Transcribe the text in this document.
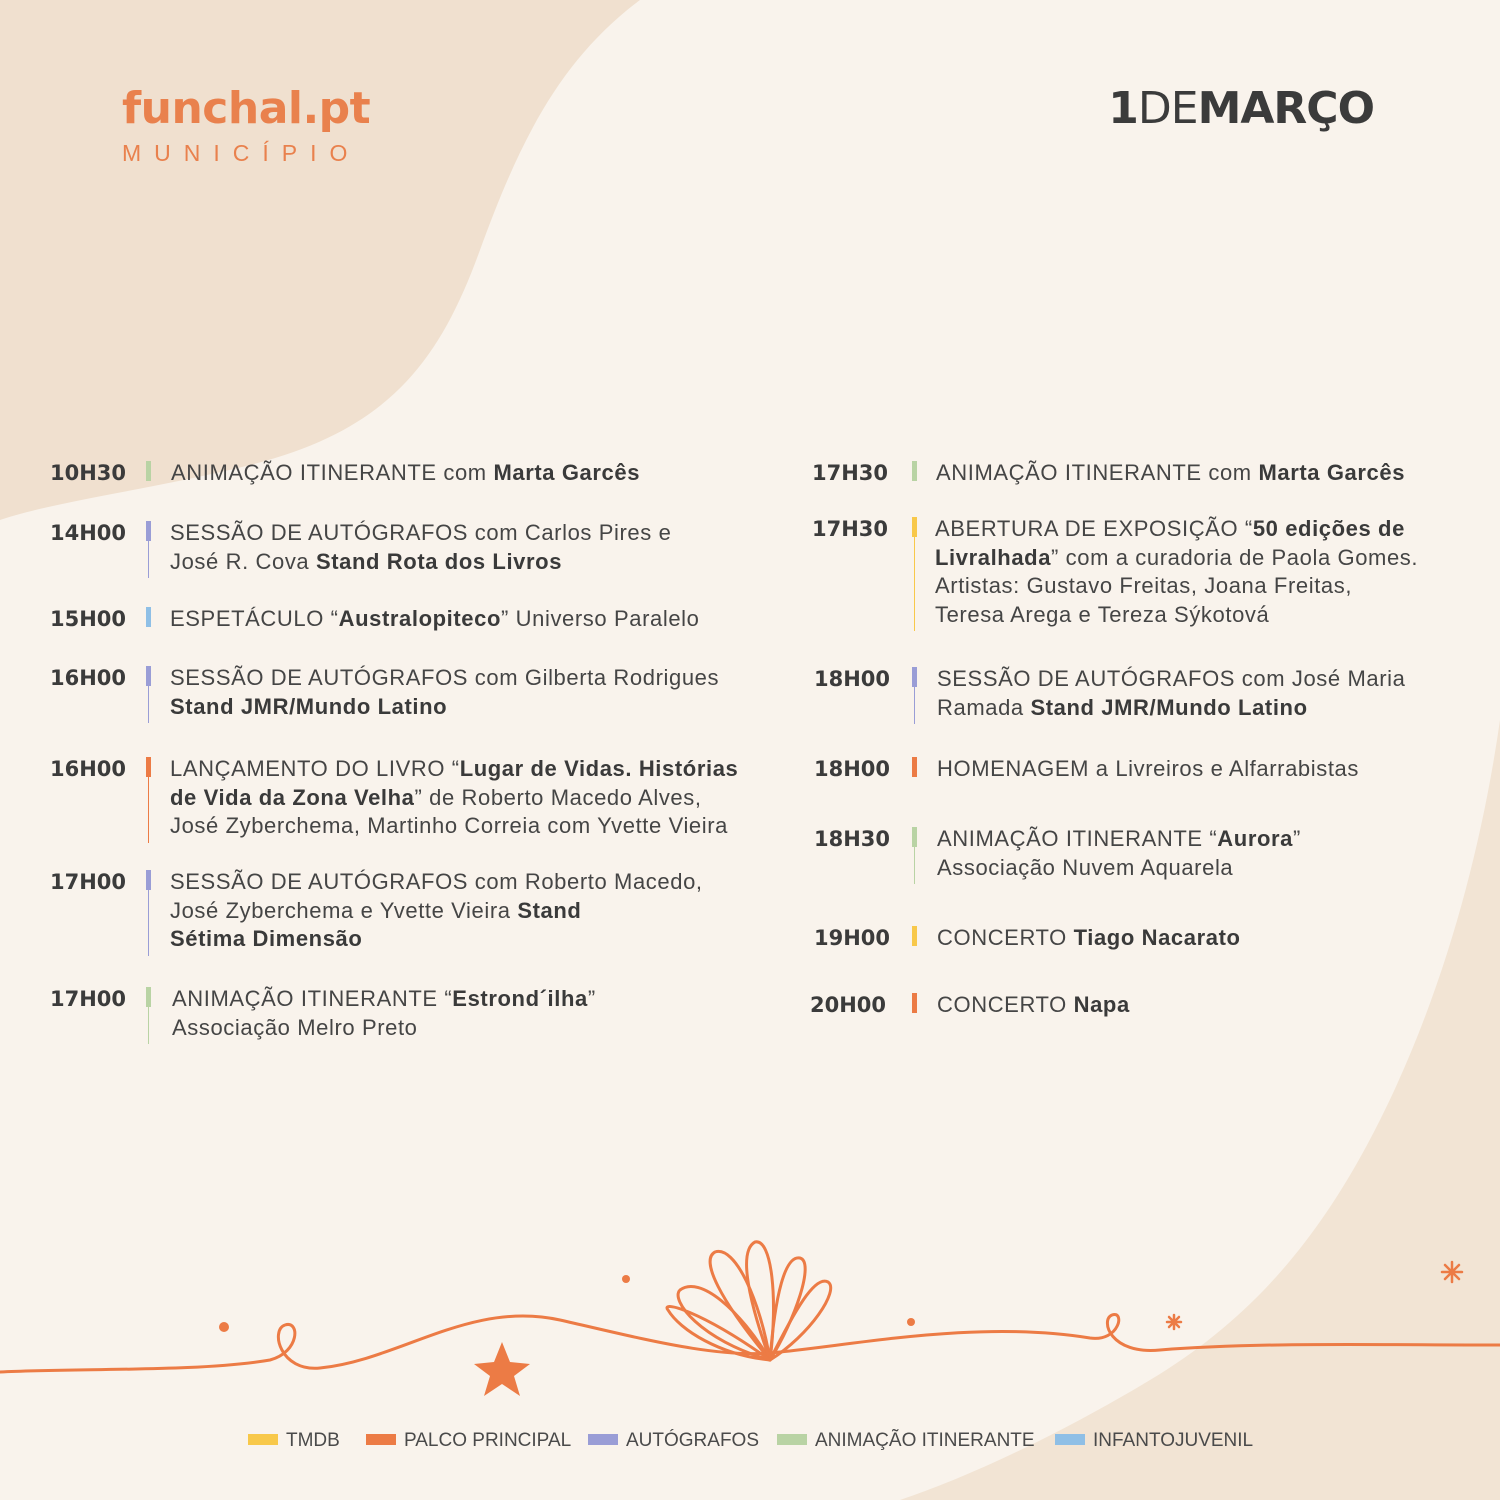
funchal.pt
MUNICÍPIO
1DEMARÇO
10H30 ANIMAÇÃO ITINERANTE com Marta Garcês
14H00 SESSÃO DE AUTÓGRAFOS com Carlos Pires e
José R. Cova Stand Rota dos Livros
15H00 ESPETÁCULO “Australopiteco” Universo Paralelo
16H00 SESSÃO DE AUTÓGRAFOS com Gilberta Rodrigues
Stand JMR/Mundo Latino
16H00 LANÇAMENTO DO LIVRO “Lugar de Vidas. Histórias
de Vida da Zona Velha” de Roberto Macedo Alves,
José Zyberchema, Martinho Correia com Yvette Vieira
17H00 SESSÃO DE AUTÓGRAFOS com Roberto Macedo,
José Zyberchema e Yvette Vieira Stand
Sétima Dimensão
17H00 ANIMAÇÃO ITINERANTE “Estrond´ilha”
Associação Melro Preto
17H30 ANIMAÇÃO ITINERANTE com Marta Garcês
17H30 ABERTURA DE EXPOSIÇÃO “50 edições de
Livralhada” com a curadoria de Paola Gomes.
Artistas: Gustavo Freitas, Joana Freitas,
Teresa Arega e Tereza Sýkotová
18H00 SESSÃO DE AUTÓGRAFOS com José Maria
Ramada Stand JMR/Mundo Latino
18H00 HOMENAGEM a Livreiros e Alfarrabistas
18H30 ANIMAÇÃO ITINERANTE “Aurora”
Associação Nuvem Aquarela
19H00 CONCERTO Tiago Nacarato
20H00 CONCERTO Napa
TMDB	PALCO PRINCIPAL	AUTÓGRAFOS	ANIMAÇÃO ITINERANTE	INFANTOJUVENIL
